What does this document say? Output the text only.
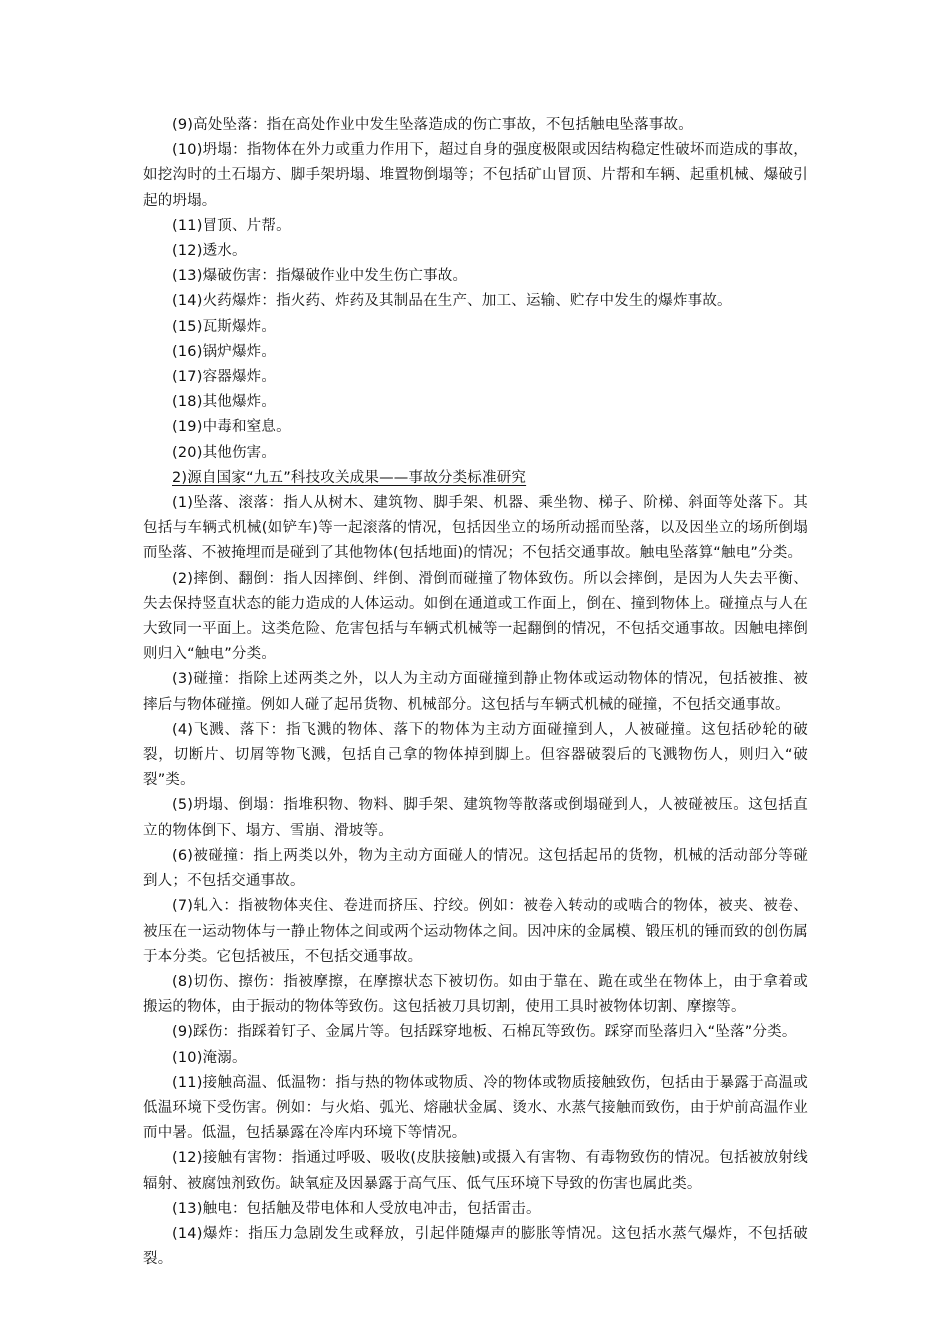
(9)高处坠落：指在高处作业中发生坠落造成的伤亡事故，不包括触电坠落事故。

(10)坍塌：指物体在外力或重力作用下，超过自身的强度极限或因结构稳定性破坏而造成的事故，如挖沟时的土石塌方、脚手架坍塌、堆置物倒塌等；不包括矿山冒顶、片帮和车辆、起重机械、爆破引起的坍塌。

(11)冒顶、片帮。

(12)透水。

(13)爆破伤害：指爆破作业中发生伤亡事故。

(14)火药爆炸：指火药、炸药及其制品在生产、加工、运输、贮存中发生的爆炸事故。

(15)瓦斯爆炸。

(16)锅炉爆炸。

(17)容器爆炸。

(18)其他爆炸。

(19)中毒和窒息。

(20)其他伤害。

2)源自国家“九五”科技攻关成果——事故分类标准研究

(1)坠落、滚落：指人从树木、建筑物、脚手架、机器、乘坐物、梯子、阶梯、斜面等处落下。其包括与车辆式机械(如铲车)等一起滚落的情况，包括因坐立的场所动摇而坠落，以及因坐立的场所倒塌而坠落、不被掩埋而是碰到了其他物体(包括地面)的情况；不包括交通事故。触电坠落算“触电”分类。

(2)摔倒、翻倒：指人因摔倒、绊倒、滑倒而碰撞了物体致伤。所以会摔倒，是因为人失去平衡、失去保持竖直状态的能力造成的人体运动。如倒在通道或工作面上，倒在、撞到物体上。碰撞点与人在大致同一平面上。这类危险、危害包括与车辆式机械等一起翻倒的情况，不包括交通事故。因触电摔倒则归入“触电”分类。

(3)碰撞：指除上述两类之外，以人为主动方面碰撞到静止物体或运动物体的情况，包括被推、被摔后与物体碰撞。例如人碰了起吊货物、机械部分。这包括与车辆式机械的碰撞，不包括交通事故。

(4)飞溅、落下：指飞溅的物体、落下的物体为主动方面碰撞到人，人被碰撞。这包括砂轮的破裂，切断片、切屑等物飞溅，包括自己拿的物体掉到脚上。但容器破裂后的飞溅物伤人，则归入“破裂”类。

(5)坍塌、倒塌：指堆积物、物料、脚手架、建筑物等散落或倒塌碰到人，人被碰被压。这包括直立的物体倒下、塌方、雪崩、滑坡等。

(6)被碰撞：指上两类以外，物为主动方面碰人的情况。这包括起吊的货物，机械的活动部分等碰到人；不包括交通事故。

(7)轧入：指被物体夹住、卷进而挤压、拧绞。例如：被卷入转动的或啮合的物体，被夹、被卷、被压在一运动物体与一静止物体之间或两个运动物体之间。因冲床的金属模、锻压机的锤而致的创伤属于本分类。它包括被压，不包括交通事故。

(8)切伤、擦伤：指被摩擦，在摩擦状态下被切伤。如由于靠在、跪在或坐在物体上，由于拿着或搬运的物体，由于振动的物体等致伤。这包括被刀具切割，使用工具时被物体切割、摩擦等。

(9)踩伤：指踩着钉子、金属片等。包括踩穿地板、石棉瓦等致伤。踩穿而坠落归入“坠落”分类。

(10)淹溺。

(11)接触高温、低温物：指与热的物体或物质、冷的物体或物质接触致伤，包括由于暴露于高温或低温环境下受伤害。例如：与火焰、弧光、熔融状金属、烫水、水蒸气接触而致伤，由于炉前高温作业而中暑。低温，包括暴露在冷库内环境下等情况。

(12)接触有害物：指通过呼吸、吸收(皮肤接触)或摄入有害物、有毒物致伤的情况。包括被放射线辐射、被腐蚀剂致伤。缺氧症及因暴露于高气压、低气压环境下导致的伤害也属此类。

(13)触电：包括触及带电体和人受放电冲击，包括雷击。

(14)爆炸：指压力急剧发生或释放，引起伴随爆声的膨胀等情况。这包括水蒸气爆炸，不包括破裂。
